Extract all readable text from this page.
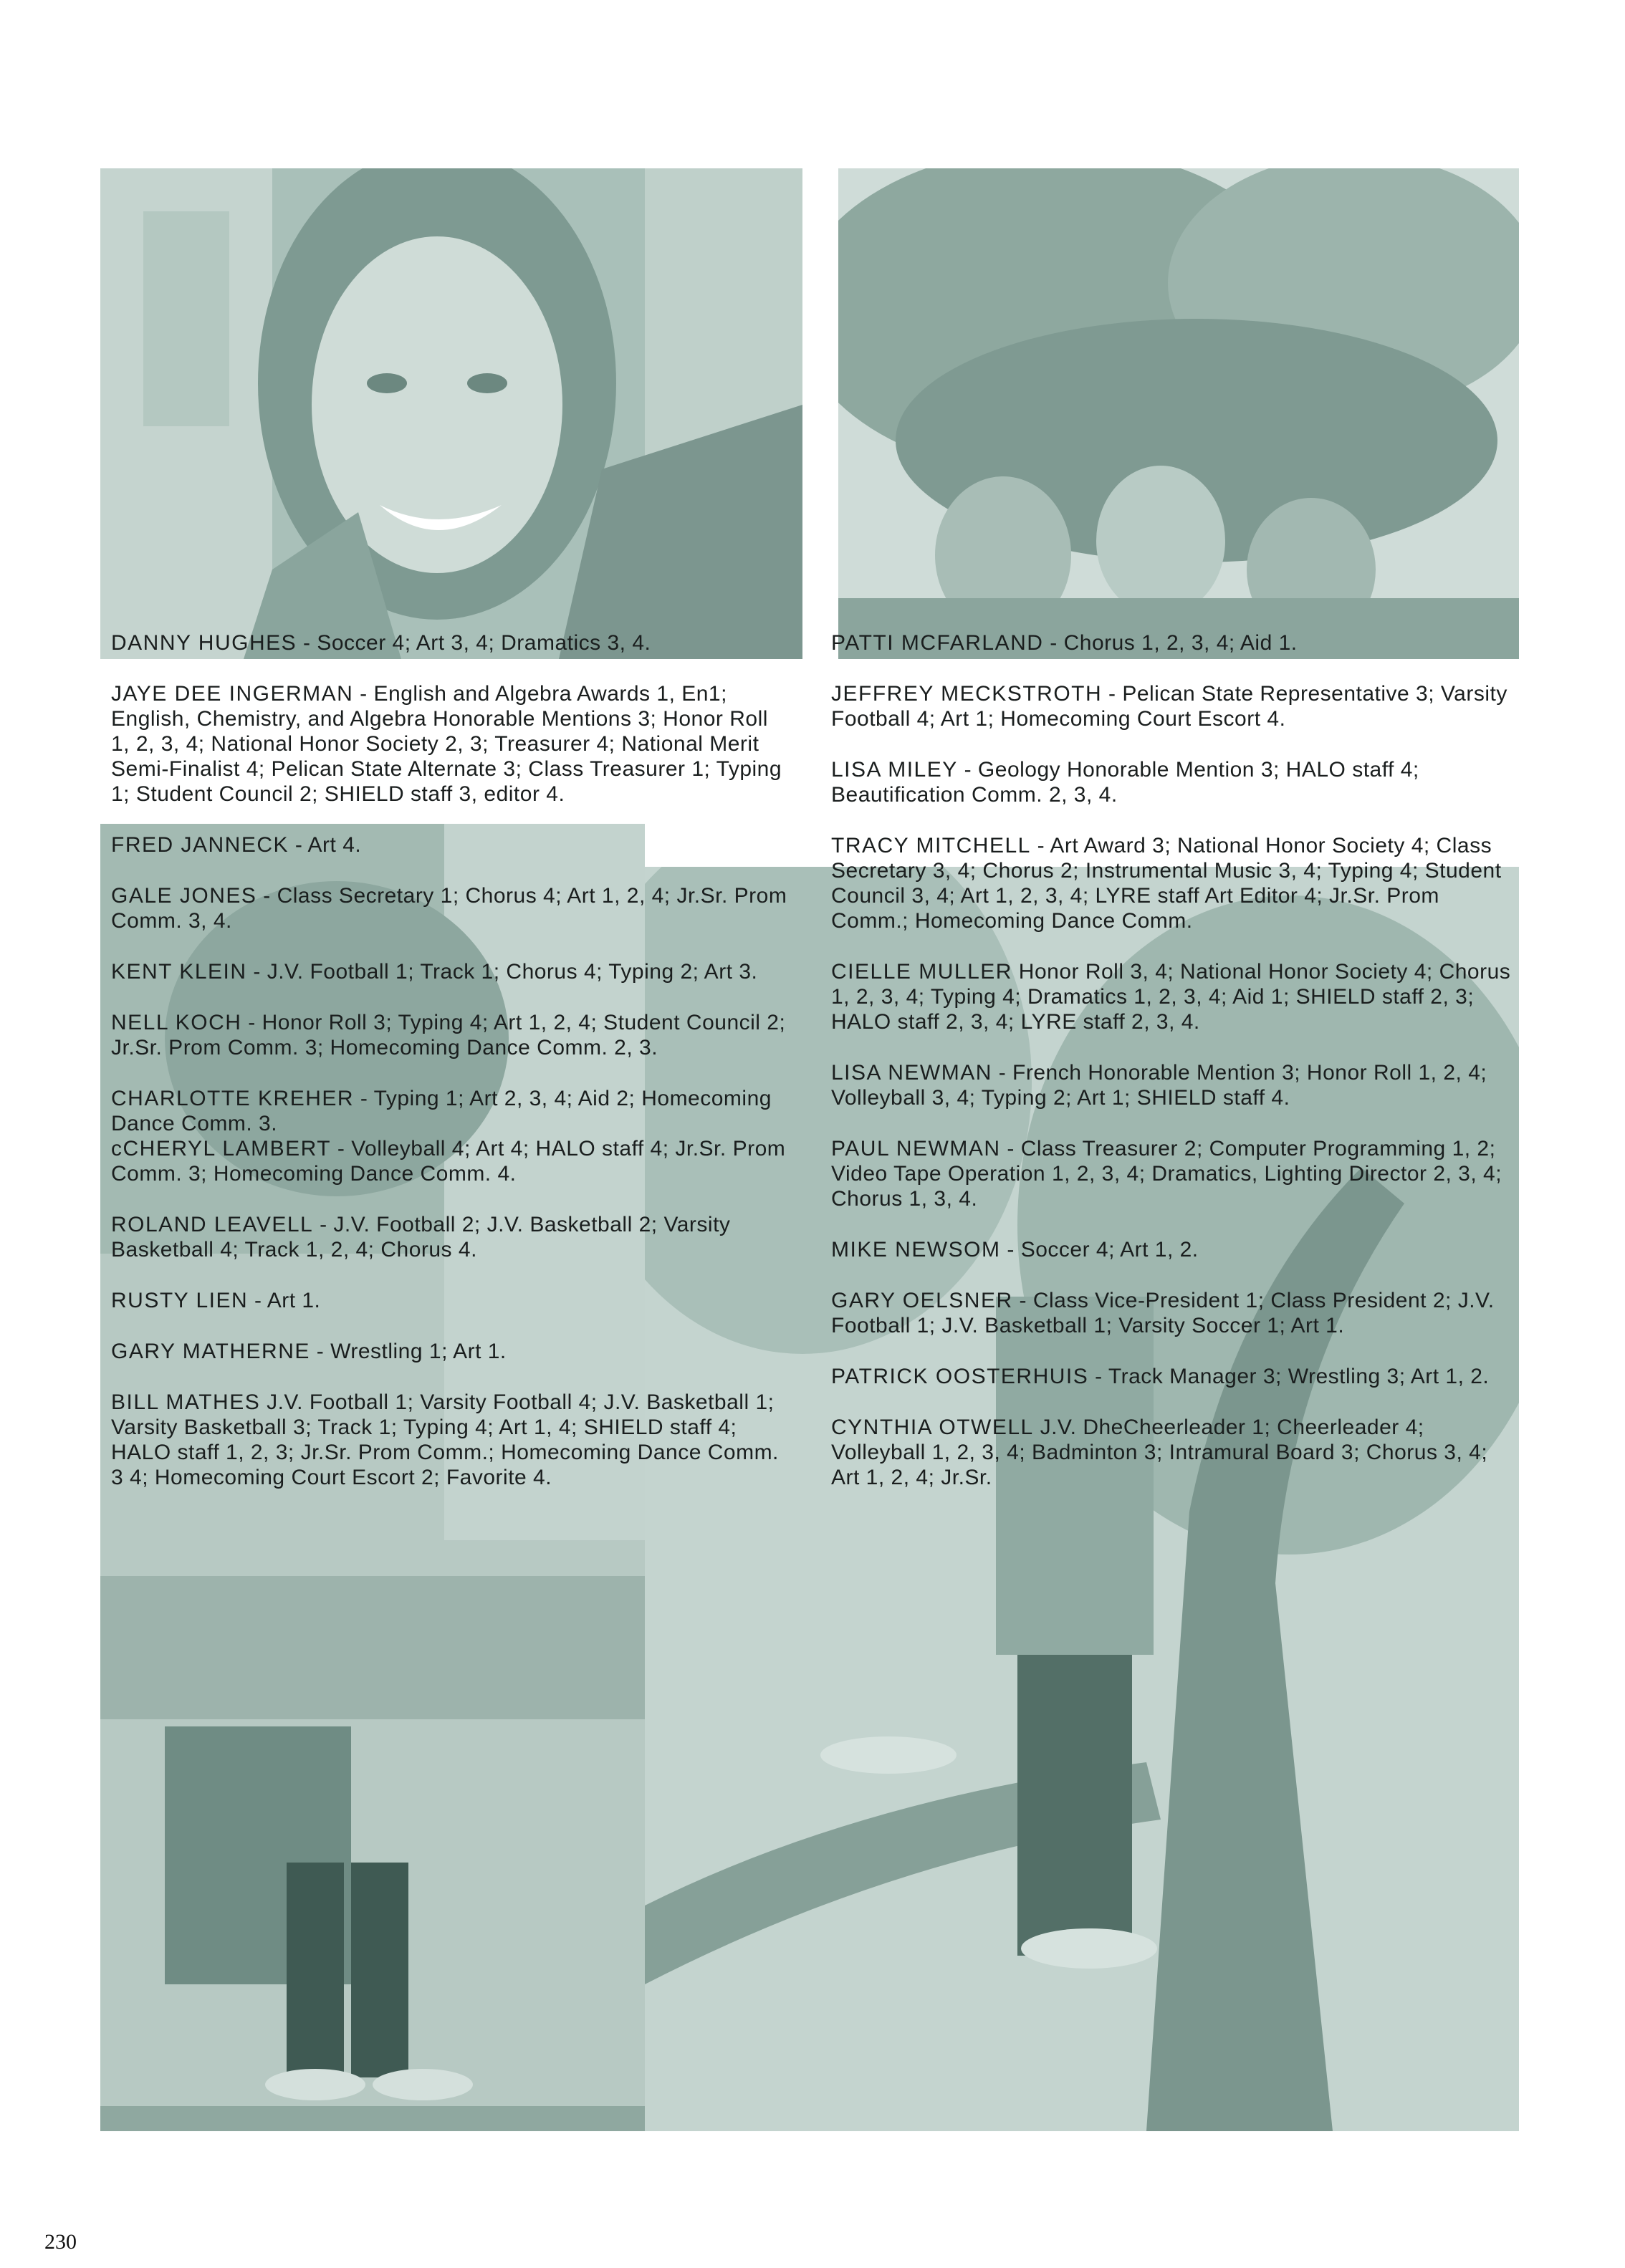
DANNY HUGHES - Soccer 4; Art 3, 4; Dramatics 3, 4.

JAYE DEE INGERMAN - English and Algebra Awards 1, En1; English, Chemistry, and Algebra Honorable Mentions 3; Honor Roll 1, 2, 3, 4; National Honor Society 2, 3; Treasurer 4; National Merit Semi-Finalist 4; Pelican State Alternate 3; Class Treasurer 1; Typing 1; Student Council 2; SHIELD staff 3, editor 4.

FRED JANNECK - Art 4.

GALE JONES - Class Secretary 1; Chorus 4; Art 1, 2, 4; Jr.Sr. Prom Comm. 3, 4.

KENT KLEIN - J.V. Football 1; Track 1; Chorus 4; Typing 2; Art 3.

NELL KOCH - Honor Roll 3; Typing 4; Art 1, 2, 4; Student Council 2; Jr.Sr. Prom Comm. 3; Homecoming Dance Comm. 2, 3.

CHARLOTTE KREHER - Typing 1; Art 2, 3, 4; Aid 2; Homecoming Dance Comm. 3.

cCHERYL LAMBERT - Volleyball 4; Art 4; HALO staff 4; Jr.Sr. Prom Comm. 3; Homecoming Dance Comm. 4.

ROLAND LEAVELL - J.V. Football 2; J.V. Basketball 2; Varsity Basketball 4; Track 1, 2, 4; Chorus 4.

RUSTY LIEN - Art 1.

GARY MATHERNE - Wrestling 1; Art 1.

BILL MATHES J.V. Football 1; Varsity Football 4; J.V. Basketball 1; Varsity Basketball 3; Track 1; Typing 4; Art 1, 4; SHIELD staff 4; HALO staff 1, 2, 3; Jr.Sr. Prom Comm.; Homecoming Dance Comm. 3 4; Homecoming Court Escort 2; Favorite 4.

PATTI MCFARLAND - Chorus 1, 2, 3, 4; Aid 1.

JEFFREY MECKSTROTH - Pelican State Representative 3; Varsity Football 4; Art 1; Homecoming Court Escort 4.

LISA MILEY - Geology Honorable Mention 3; HALO staff 4; Beautification Comm. 2, 3, 4.

TRACY MITCHELL - Art Award 3; National Honor Society 4; Class Secretary 3, 4; Chorus 2; Instrumental Music 3, 4; Typing 4; Student Council 3, 4; Art 1, 2, 3, 4; LYRE staff Art Editor 4; Jr.Sr. Prom Comm.; Homecoming Dance Comm.

CIELLE MULLER Honor Roll 3, 4; National Honor Society 4; Chorus 1, 2, 3, 4; Typing 4; Dramatics 1, 2, 3, 4; Aid 1; SHIELD staff 2, 3; HALO staff 2, 3, 4; LYRE staff 2, 3, 4.

LISA NEWMAN - French Honorable Mention 3; Honor Roll 1, 2, 4; Volleyball 3, 4; Typing 2; Art 1; SHIELD staff 4.

PAUL NEWMAN - Class Treasurer 2; Computer Programming 1, 2; Video Tape Operation 1, 2, 3, 4; Dramatics, Lighting Director 2, 3, 4; Chorus 1, 3, 4.

MIKE NEWSOM - Soccer 4; Art 1, 2.

GARY OELSNER - Class Vice-President 1; Class President 2; J.V. Football 1; J.V. Basketball 1; Varsity Soccer 1; Art 1.

PATRICK OOSTERHUIS - Track Manager 3; Wrestling 3; Art 1, 2.

CYNTHIA OTWELL J.V. DheCheerleader 1; Cheerleader 4; Volleyball 1, 2, 3, 4; Badminton 3; Intramural Board 3; Chorus 3, 4; Art 1, 2, 4; Jr.Sr.

230
